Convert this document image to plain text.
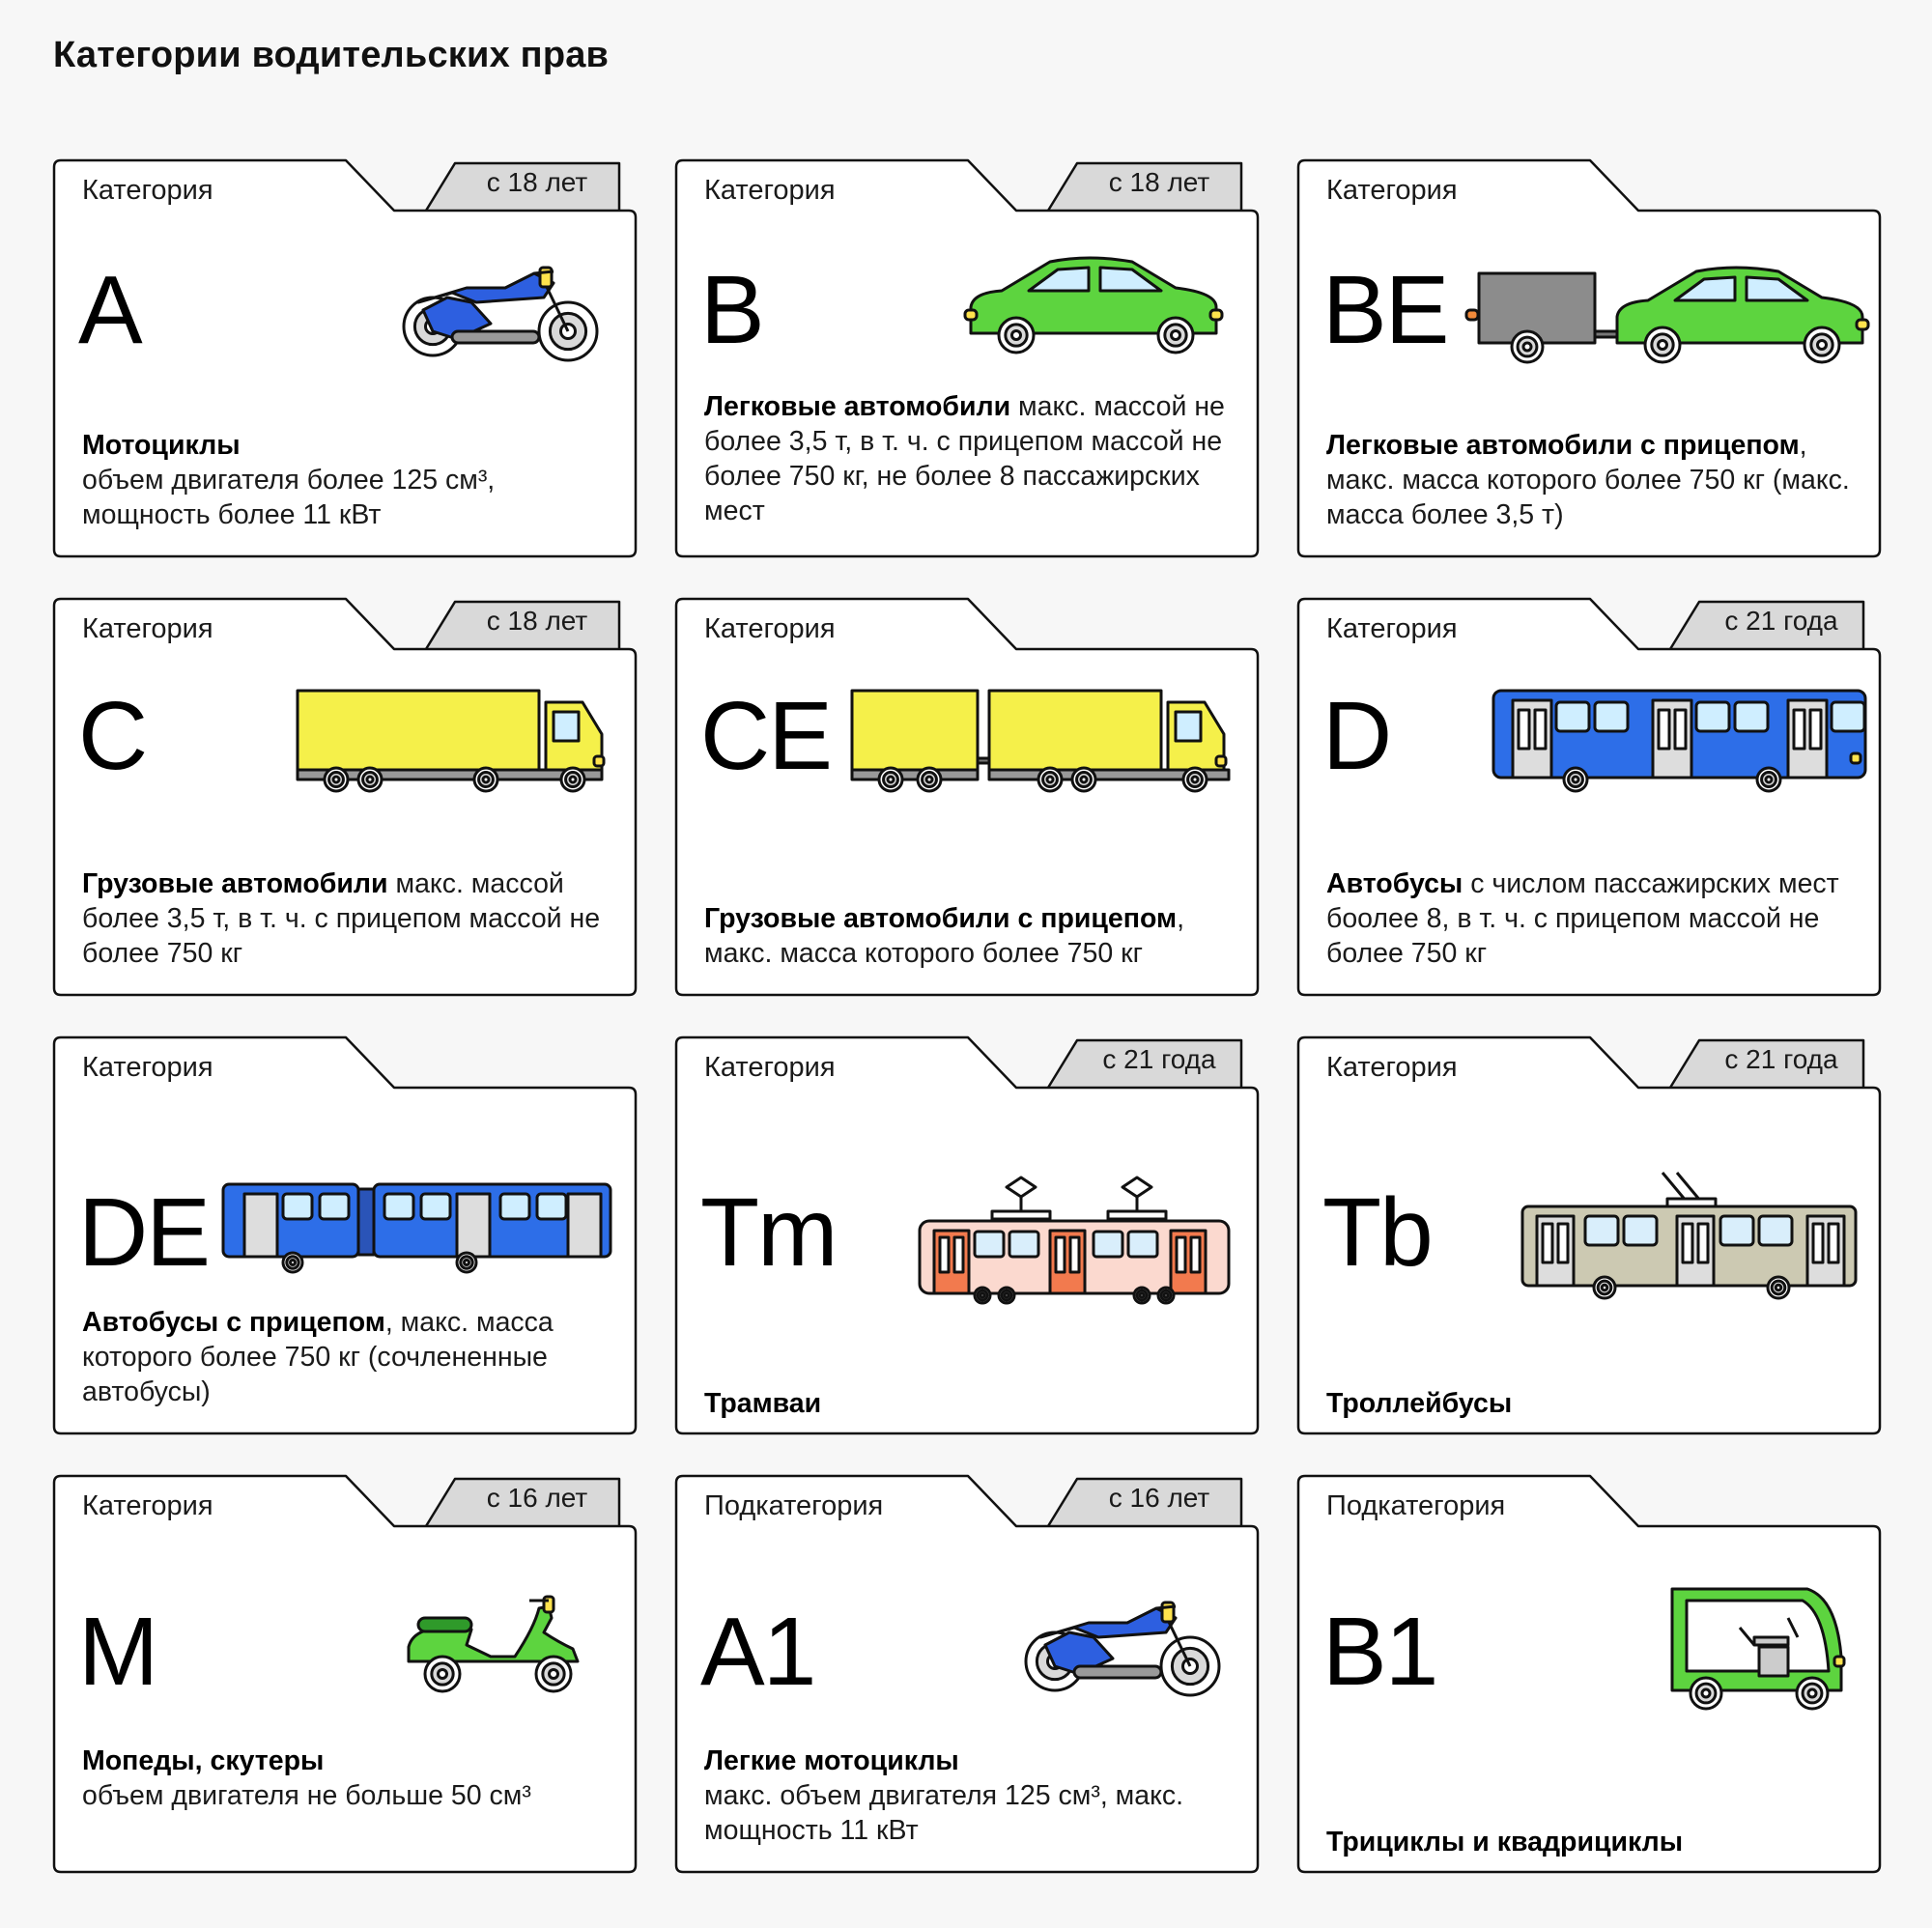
Категории водительских прав
Категория	с 18 лет
A
Мотоциклы
объем двигателя более 125 см³, мощность более 11 кВт
Категория	с 18 лет
B
Легковые автомобили макс. массой не более 3,5 т, в т. ч. с прицепом массой не более 750 кг, не более 8 пассажирских мест
Категория
BE
Легковые автомобили с прицепом, макс. масса которого более 750 кг (макс. масса более 3,5 т)
Категория	с 18 лет
C
Грузовые автомобили макс. массой более 3,5 т, в т. ч. с прицепом массой не более 750 кг
Категория
CE
Грузовые автомобили с прицепом, макс. масса которого более 750 кг
Категория	с 21 года
D
Автобусы с числом пассажирских мест боолее 8, в т. ч. с прицепом массой не более 750 кг
Категория
DE
Автобусы с прицепом, макс. масса которого более 750 кг (сочлененные автобусы)
Категория	с 21 года
Tm
Трамваи
Категория	с 21 года
Tb
Троллейбусы
Категория	с 16 лет
M
Мопеды, скутеры
объем двигателя не больше 50 см³
Подкатегория	с 16 лет
A1
Легкие мотоциклы
макс. объем двигателя 125 см³, макс. мощность 11 кВт
Подкатегория
B1
Трициклы и квадрициклы
